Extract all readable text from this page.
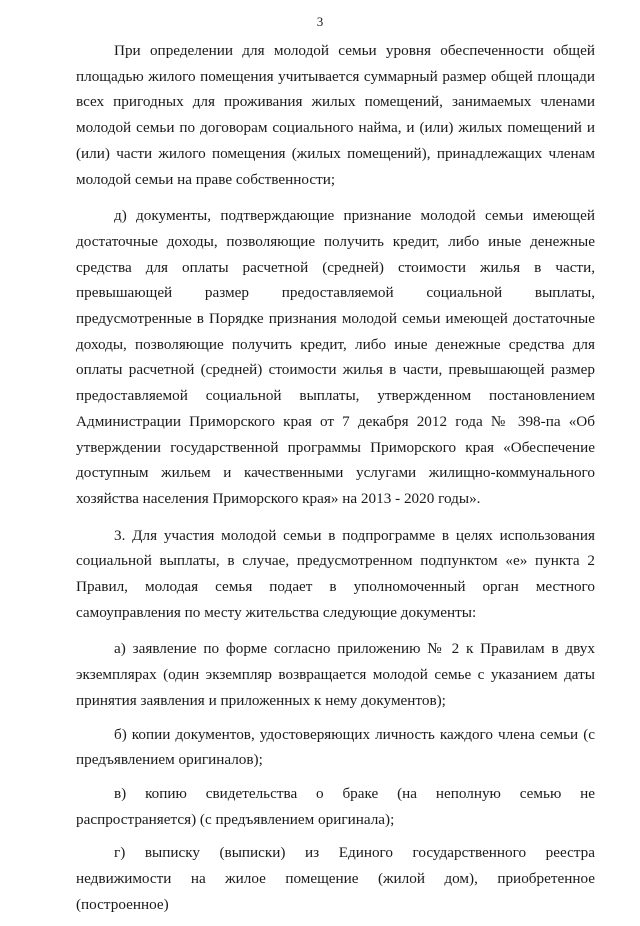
3

При определении для молодой семьи уровня обеспеченности общей площадью жилого помещения учитывается суммарный размер общей площади всех пригодных для проживания жилых помещений, занимаемых членами молодой семьи по договорам социального найма, и (или) жилых помещений и (или) части жилого помещения (жилых помещений), принадлежащих членам молодой семьи на праве собственности;

д) документы, подтверждающие признание молодой семьи имеющей достаточные доходы, позволяющие получить кредит, либо иные денежные средства для оплаты расчетной (средней) стоимости жилья в части, превышающей размер предоставляемой социальной выплаты, предусмотренные в Порядке признания молодой семьи имеющей достаточные доходы, позволяющие получить кредит, либо иные денежные средства для оплаты расчетной (средней) стоимости жилья в части, превышающей размер предоставляемой социальной выплаты, утвержденном постановлением Администрации Приморского края от 7 декабря 2012 года № 398-па «Об утверждении государственной программы Приморского края «Обеспечение доступным жильем и качественными услугами жилищно-коммунального хозяйства населения Приморского края» на 2013 - 2020 годы».

3. Для участия молодой семьи в подпрограмме в целях использования социальной выплаты, в случае, предусмотренном подпунктом «е» пункта 2 Правил, молодая семья подает в уполномоченный орган местного самоуправления по месту жительства следующие документы:

а) заявление по форме согласно приложению № 2 к Правилам в двух экземплярах (один экземпляр возвращается молодой семье с указанием даты принятия заявления и приложенных к нему документов);

б) копии документов, удостоверяющих личность каждого члена семьи (с предъявлением оригиналов);

в) копию свидетельства о браке (на неполную семью не распространяется) (с предъявлением оригинала);

г) выписку (выписки) из Единого государственного реестра недвижимости на жилое помещение (жилой дом), приобретенное (построенное)
